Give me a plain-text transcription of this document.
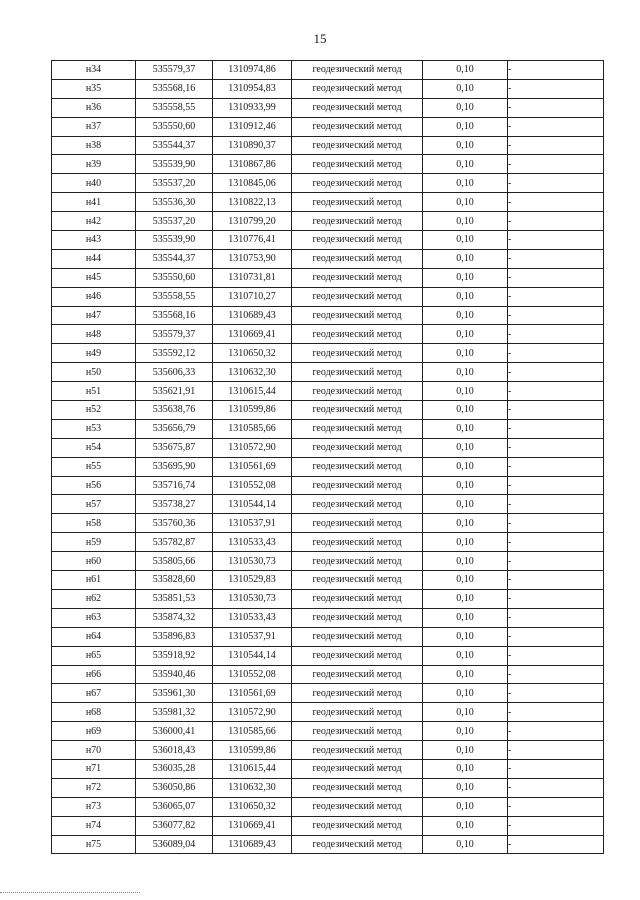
15
н34	535579,37	1310974,86	геодезический метод	0,10	-
н35	535568,16	1310954,83	геодезический метод	0,10	-
н36	535558,55	1310933,99	геодезический метод	0,10	-
н37	535550,60	1310912,46	геодезический метод	0,10	-
н38	535544,37	1310890,37	геодезический метод	0,10	-
н39	535539,90	1310867,86	геодезический метод	0,10	-
н40	535537,20	1310845,06	геодезический метод	0,10	-
н41	535536,30	1310822,13	геодезический метод	0,10	-
н42	535537,20	1310799,20	геодезический метод	0,10	-
н43	535539,90	1310776,41	геодезический метод	0,10	-
н44	535544,37	1310753,90	геодезический метод	0,10	-
н45	535550,60	1310731,81	геодезический метод	0,10	-
н46	535558,55	1310710,27	геодезический метод	0,10	-
н47	535568,16	1310689,43	геодезический метод	0,10	-
н48	535579,37	1310669,41	геодезический метод	0,10	-
н49	535592,12	1310650,32	геодезический метод	0,10	-
н50	535606,33	1310632,30	геодезический метод	0,10	-
н51	535621,91	1310615,44	геодезический метод	0,10	-
н52	535638,76	1310599,86	геодезический метод	0,10	-
н53	535656,79	1310585,66	геодезический метод	0,10	-
н54	535675,87	1310572,90	геодезический метод	0,10	-
н55	535695,90	1310561,69	геодезический метод	0,10	-
н56	535716,74	1310552,08	геодезический метод	0,10	-
н57	535738,27	1310544,14	геодезический метод	0,10	-
н58	535760,36	1310537,91	геодезический метод	0,10	-
н59	535782,87	1310533,43	геодезический метод	0,10	-
н60	535805,66	1310530,73	геодезический метод	0,10	-
н61	535828,60	1310529,83	геодезический метод	0,10	-
н62	535851,53	1310530,73	геодезический метод	0,10	-
н63	535874,32	1310533,43	геодезический метод	0,10	-
н64	535896,83	1310537,91	геодезический метод	0,10	-
н65	535918,92	1310544,14	геодезический метод	0,10	-
н66	535940,46	1310552,08	геодезический метод	0,10	-
н67	535961,30	1310561,69	геодезический метод	0,10	-
н68	535981,32	1310572,90	геодезический метод	0,10	-
н69	536000,41	1310585,66	геодезический метод	0,10	-
н70	536018,43	1310599,86	геодезический метод	0,10	-
н71	536035,28	1310615,44	геодезический метод	0,10	-
н72	536050,86	1310632,30	геодезический метод	0,10	-
н73	536065,07	1310650,32	геодезический метод	0,10	-
н74	536077,82	1310669,41	геодезический метод	0,10	-
н75	536089,04	1310689,43	геодезический метод	0,10	-
